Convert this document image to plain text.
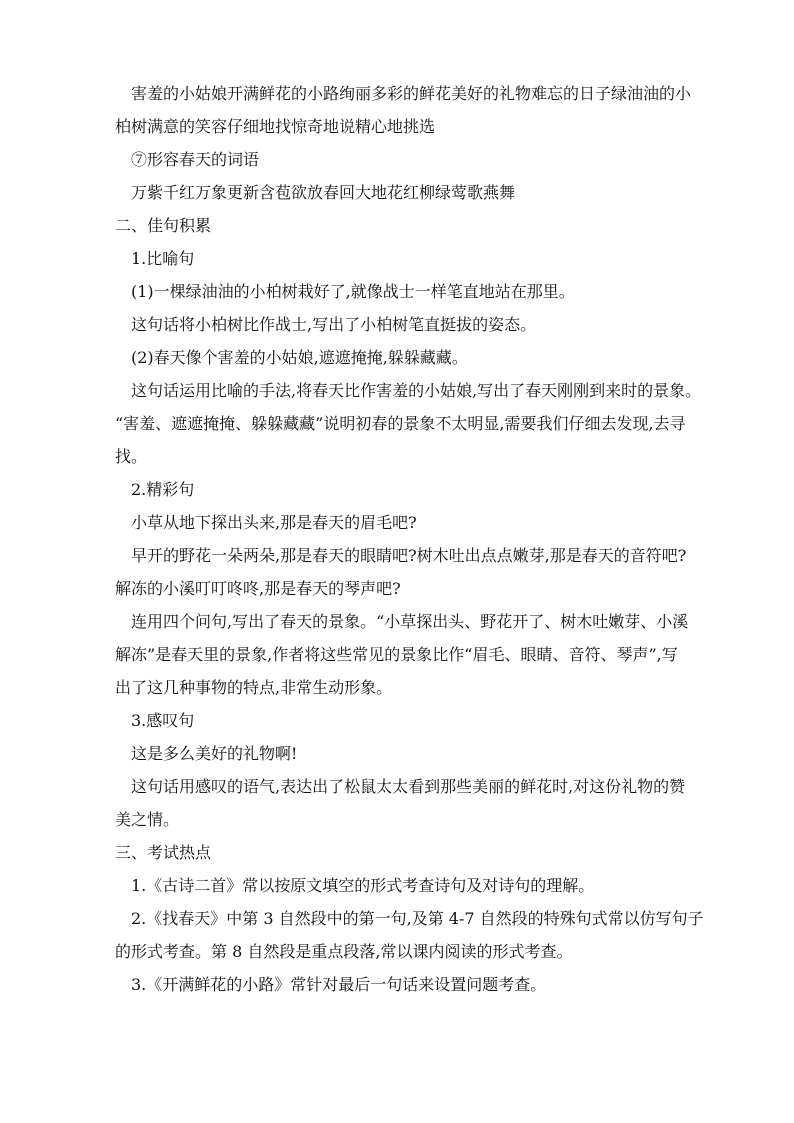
害羞的小姑娘开满鲜花的小路绚丽多彩的鲜花美好的礼物难忘的日子绿油油的小
柏树满意的笑容仔细地找惊奇地说精心地挑选
⑦形容春天的词语
万紫千红万象更新含苞欲放春回大地花红柳绿莺歌燕舞
二、佳句积累
1.比喻句
(1)一棵绿油油的小柏树栽好了,就像战士一样笔直地站在那里。
这句话将小柏树比作战士,写出了小柏树笔直挺拔的姿态。
(2)春天像个害羞的小姑娘,遮遮掩掩,躲躲藏藏。
这句话运用比喻的手法,将春天比作害羞的小姑娘,写出了春天刚刚到来时的景象。
“害羞、遮遮掩掩、躲躲藏藏”说明初春的景象不太明显,需要我们仔细去发现,去寻
找。
2.精彩句
小草从地下探出头来,那是春天的眉毛吧?
早开的野花一朵两朵,那是春天的眼睛吧?树木吐出点点嫩芽,那是春天的音符吧?
解冻的小溪叮叮咚咚,那是春天的琴声吧?
连用四个问句,写出了春天的景象。“小草探出头、野花开了、树木吐嫩芽、小溪
解冻”是春天里的景象,作者将这些常见的景象比作“眉毛、眼睛、音符、琴声”,写
出了这几种事物的特点,非常生动形象。
3.感叹句
这是多么美好的礼物啊!
这句话用感叹的语气,表达出了松鼠太太看到那些美丽的鲜花时,对这份礼物的赞
美之情。
三、考试热点
1.《古诗二首》常以按原文填空的形式考查诗句及对诗句的理解。
2.《找春天》中第 3 自然段中的第一句,及第 4-7 自然段的特殊句式常以仿写句子
的形式考查。第 8 自然段是重点段落,常以课内阅读的形式考查。
3.《开满鲜花的小路》常针对最后一句话来设置问题考查。
